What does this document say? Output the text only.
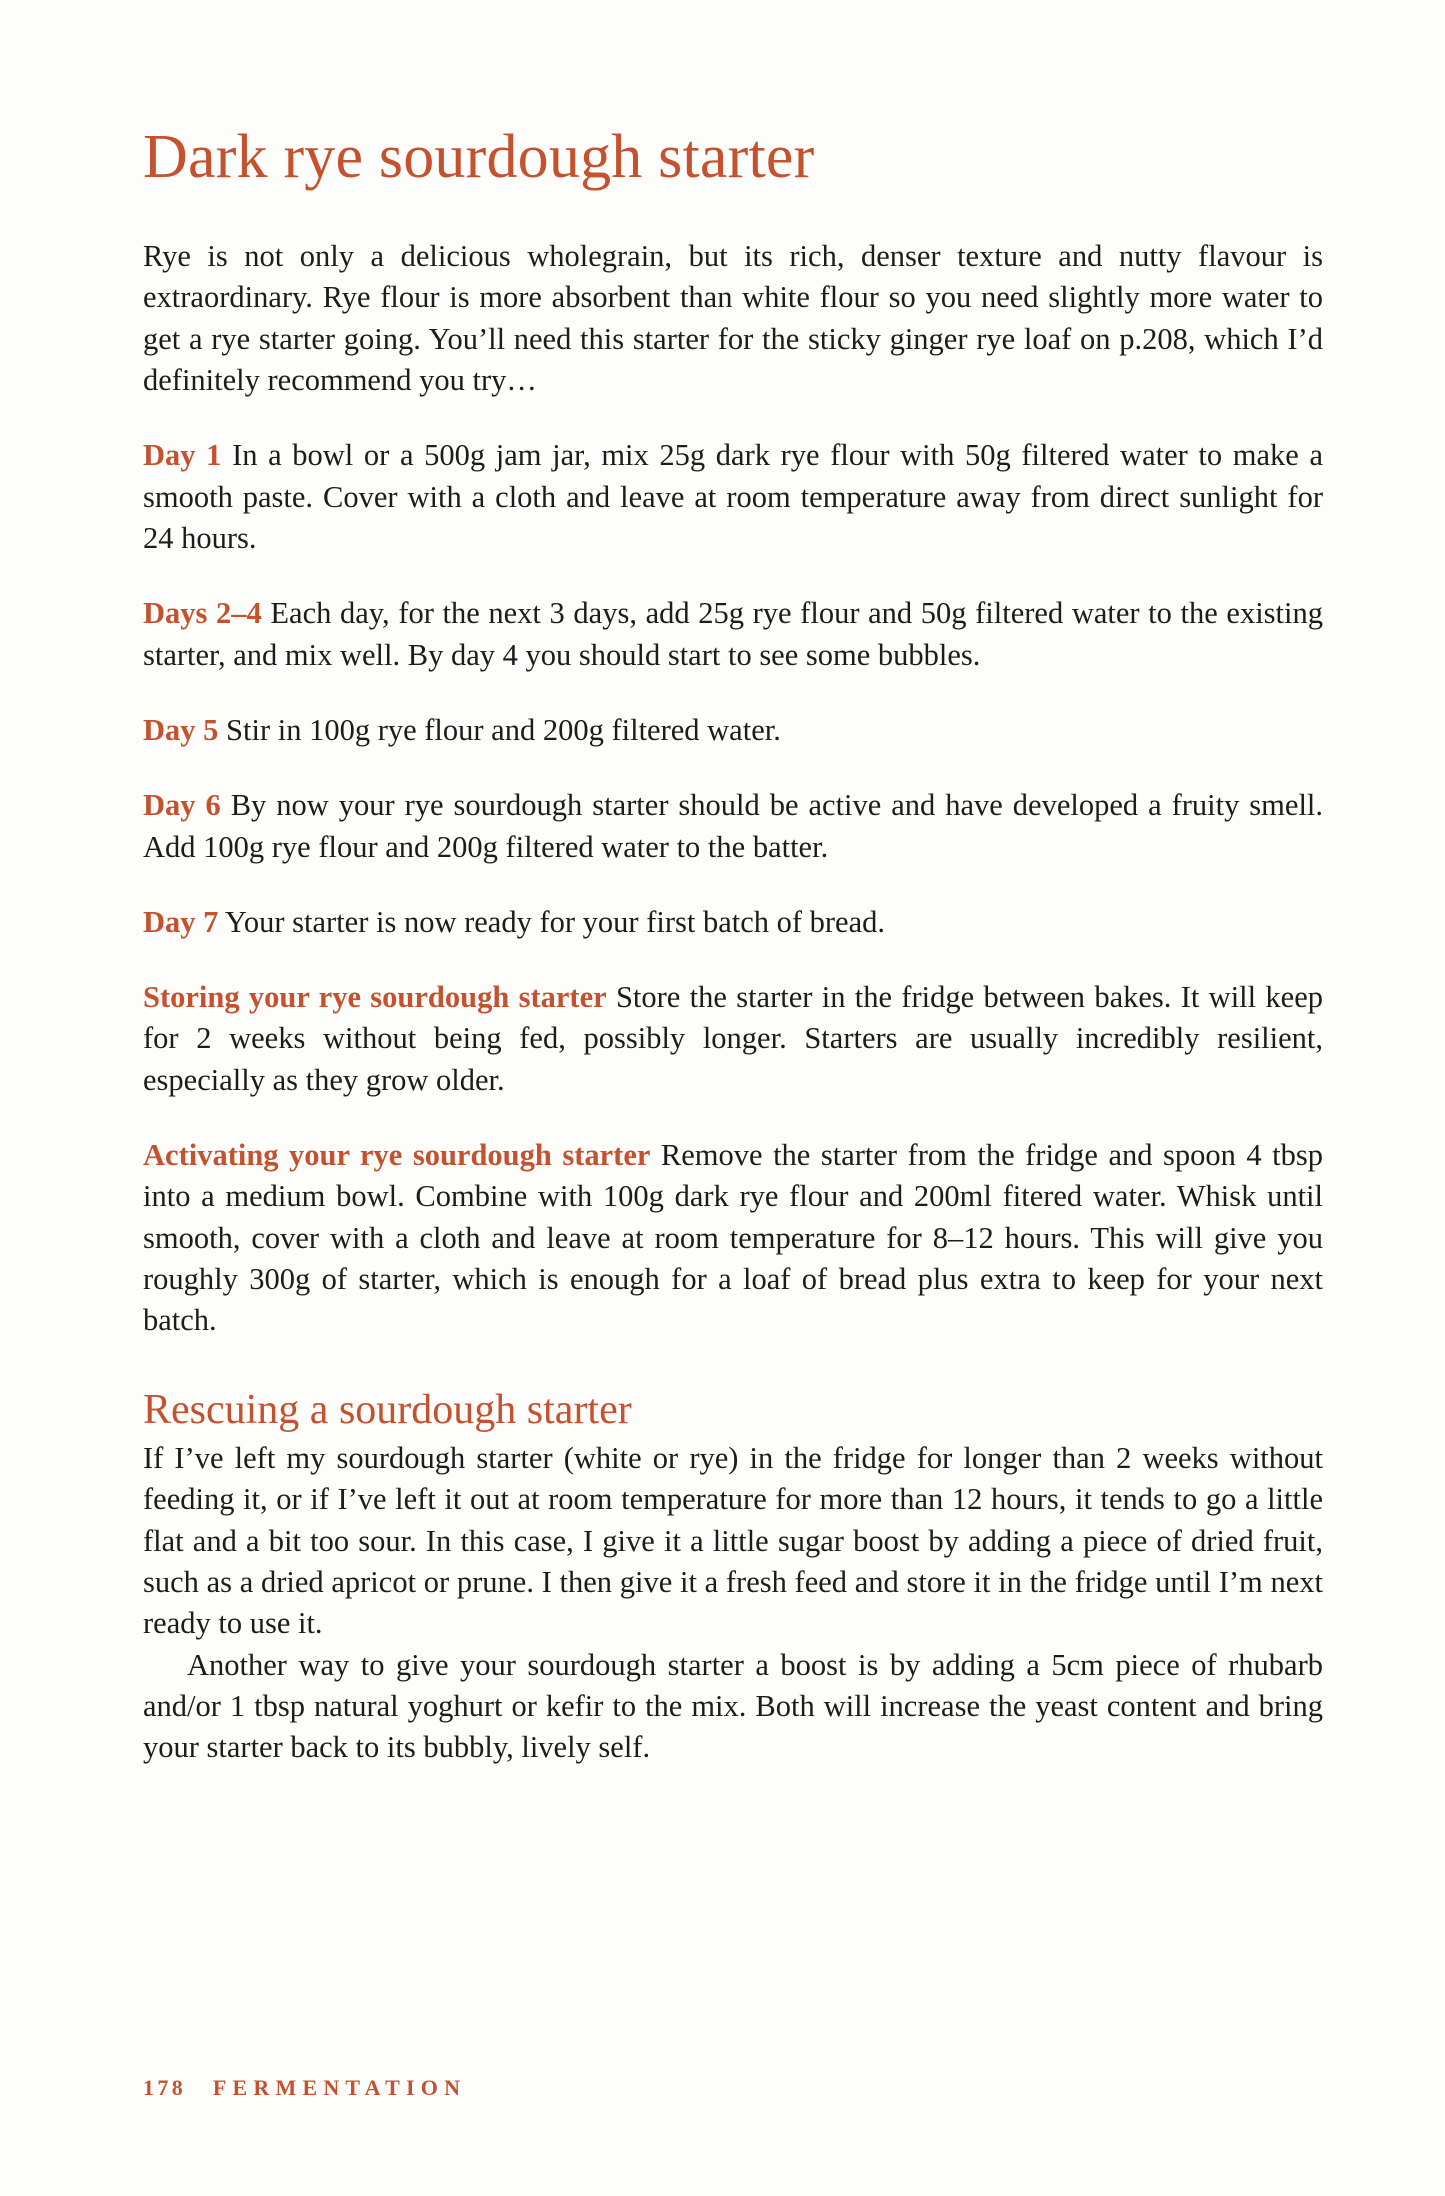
Dark rye sourdough starter

Rye is not only a delicious wholegrain, but its rich, denser texture and nutty flavour is extraordinary. Rye flour is more absorbent than white flour so you need slightly more water to get a rye starter going. You’ll need this starter for the sticky ginger rye loaf on p.208, which I’d definitely recommend you try…

Day 1 In a bowl or a 500g jam jar, mix 25g dark rye flour with 50g filtered water to make a smooth paste. Cover with a cloth and leave at room temperature away from direct sunlight for 24 hours.

Days 2–4 Each day, for the next 3 days, add 25g rye flour and 50g filtered water to the existing starter, and mix well. By day 4 you should start to see some bubbles.

Day 5 Stir in 100g rye flour and 200g filtered water.

Day 6 By now your rye sourdough starter should be active and have developed a fruity smell. Add 100g rye flour and 200g filtered water to the batter.

Day 7 Your starter is now ready for your first batch of bread.

Storing your rye sourdough starter Store the starter in the fridge between bakes. It will keep for 2 weeks without being fed, possibly longer. Starters are usually incredibly resilient, especially as they grow older.

Activating your rye sourdough starter Remove the starter from the fridge and spoon 4 tbsp into a medium bowl. Combine with 100g dark rye flour and 200ml fitered water. Whisk until smooth, cover with a cloth and leave at room temperature for 8–12 hours. This will give you roughly 300g of starter, which is enough for a loaf of bread plus extra to keep for your next batch.

Rescuing a sourdough starter

If I’ve left my sourdough starter (white or rye) in the fridge for longer than 2 weeks without feeding it, or if I’ve left it out at room temperature for more than 12 hours, it tends to go a little flat and a bit too sour. In this case, I give it a little sugar boost by adding a piece of dried fruit, such as a dried apricot or prune. I then give it a fresh feed and store it in the fridge until I’m next ready to use it.

Another way to give your sourdough starter a boost is by adding a 5cm piece of rhubarb and/or 1 tbsp natural yoghurt or kefir to the mix. Both will increase the yeast content and bring your starter back to its bubbly, lively self.

178 FERMENTATION
